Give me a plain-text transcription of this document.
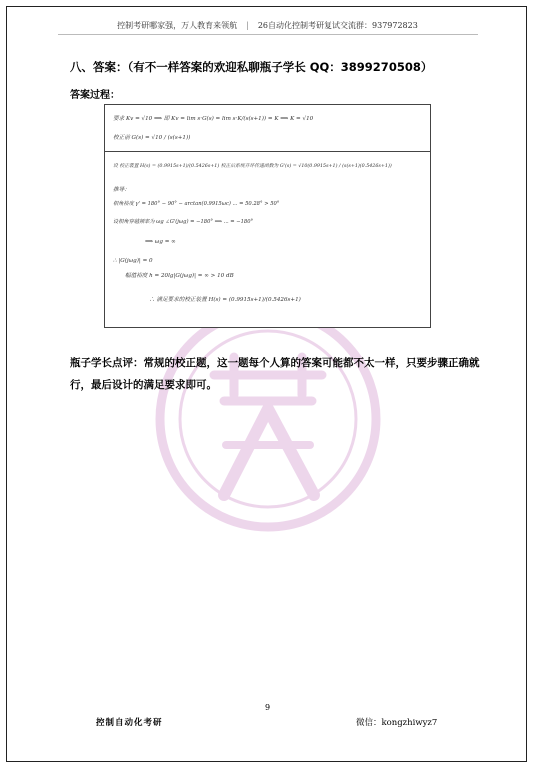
控制考研哪家强，万人教育来领航 | 26自动化控制考研复试交流群：937972823
八、答案：（有不一样答案的欢迎私聊瓶子学长 QQ：3899270508）
答案过程：
要求 Kv = √10 ⟹ 即 Kv = lim s·G(s) = lim s·K/(s(s+1)) = K ⟹ K = √10
校正前 G(s) = √10 / (s(s+1))
设 校正装置 H(s) = (0.9915s+1)/(0.5426s+1) 校正后系统开环传递函数为 G'(s) = √10(0.9915s+1) / (s(s+1)(0.5426s+1))
推导：
相角裕度 γ' = 180° − 90° − arctan(0.9915ωc) ... = 50.28° > 50°
设相角穿越频率为 ωg ∠G'(jωg) = −180° ⟹ ... = −180°
⟹ ωg = ∞
∴ |G(jωg)| = 0
幅值裕度 h = 20lg|G(jωg)| = ∞ > 10 dB
∴ 满足要求的校正装置 H(s) = (0.9915s+1)/(0.5426s+1)
瓶子学长点评：常规的校正题，这一题每个人算的答案可能都不太一样，只要步骤正确就行，最后设计的满足要求即可。
9
控制自动化考研	微信：kongzhiwyz7
